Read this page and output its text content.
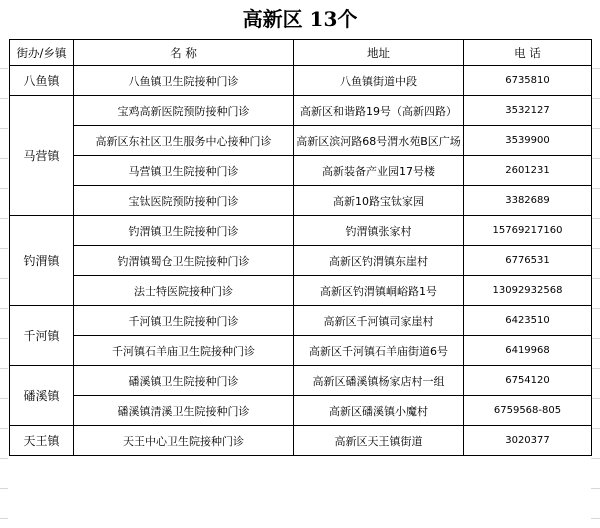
高新区 13个
街办/乡镇	名 称	地址	电 话
八鱼镇	八鱼镇卫生院接种门诊	八鱼镇街道中段	6735810
马营镇	宝鸡高新医院预防接种门诊	高新区和谐路19号（高新四路）	3532127
	高新区东社区卫生服务中心接种门诊	高新区滨河路68号渭水苑B区广场	3539900
	马营镇卫生院接种门诊	高新装备产业园17号楼	2601231
	宝钛医院预防接种门诊	高新10路宝钛家园	3382689
钓渭镇	钓渭镇卫生院接种门诊	钓渭镇张家村	15769217160
	钓渭镇蜀仓卫生院接种门诊	高新区钓渭镇东崖村	6776531
	法士特医院接种门诊	高新区钓渭镇峒峪路1号	13092932568
千河镇	千河镇卫生院接种门诊	高新区千河镇司家崖村	6423510
	千河镇石羊庙卫生院接种门诊	高新区千河镇石羊庙街道6号	6419968
磻溪镇	磻溪镇卫生院接种门诊	高新区磻溪镇杨家店村一组	6754120
	磻溪镇清溪卫生院接种门诊	高新区磻溪镇小魔村	6759568-805
天王镇	天王中心卫生院接种门诊	高新区天王镇街道	3020377
